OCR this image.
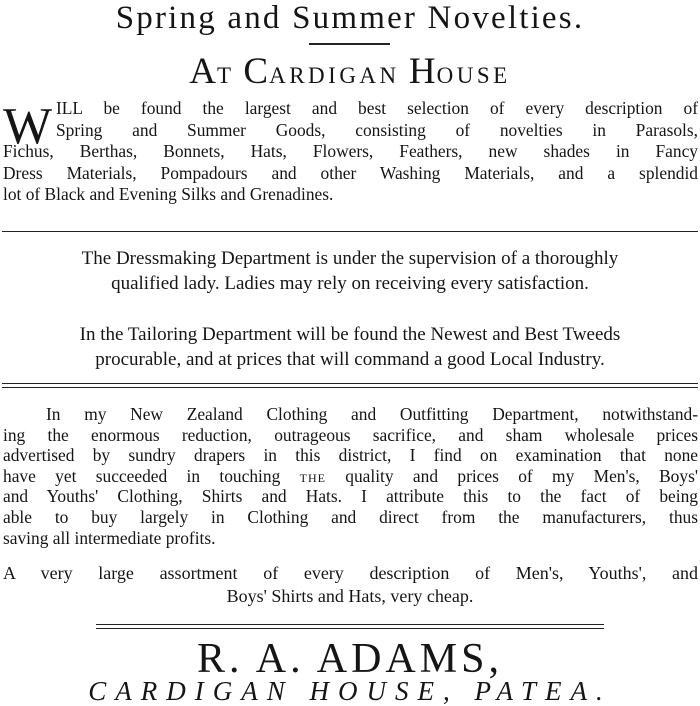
Spring and Summer Novelties.
AT CARDIGAN HOUSE
W ILL be found the largest and best selection of every description of
Spring and Summer Goods, consisting of novelties in Parasols,
Fichus, Berthas, Bonnets, Hats, Flowers, Feathers, new shades in Fancy
Dress Materials, Pompadours and other Washing Materials, and a splendid
lot of Black and Evening Silks and Grenadines.
The Dressmaking Department is under the supervision of a thoroughly
qualified lady. Ladies may rely on receiving every satisfaction.
In the Tailoring Department will be found the Newest and Best Tweeds
procurable, and at prices that will command a good Local Industry.
In my New Zealand Clothing and Outfitting Department, notwithstand-
ing the enormous reduction, outrageous sacrifice, and sham wholesale prices
advertised by sundry drapers in this district, I find on examination that none
have yet succeeded in touching THE quality and prices of my Men's, Boys'
and Youths' Clothing, Shirts and Hats. I attribute this to the fact of being
able to buy largely in Clothing and direct from the manufacturers, thus
saving all intermediate profits.
A very large assortment of every description of Men's, Youths', and
Boys' Shirts and Hats, very cheap.
R. A. ADAMS,
CARDIGAN HOUSE, PATEA.
